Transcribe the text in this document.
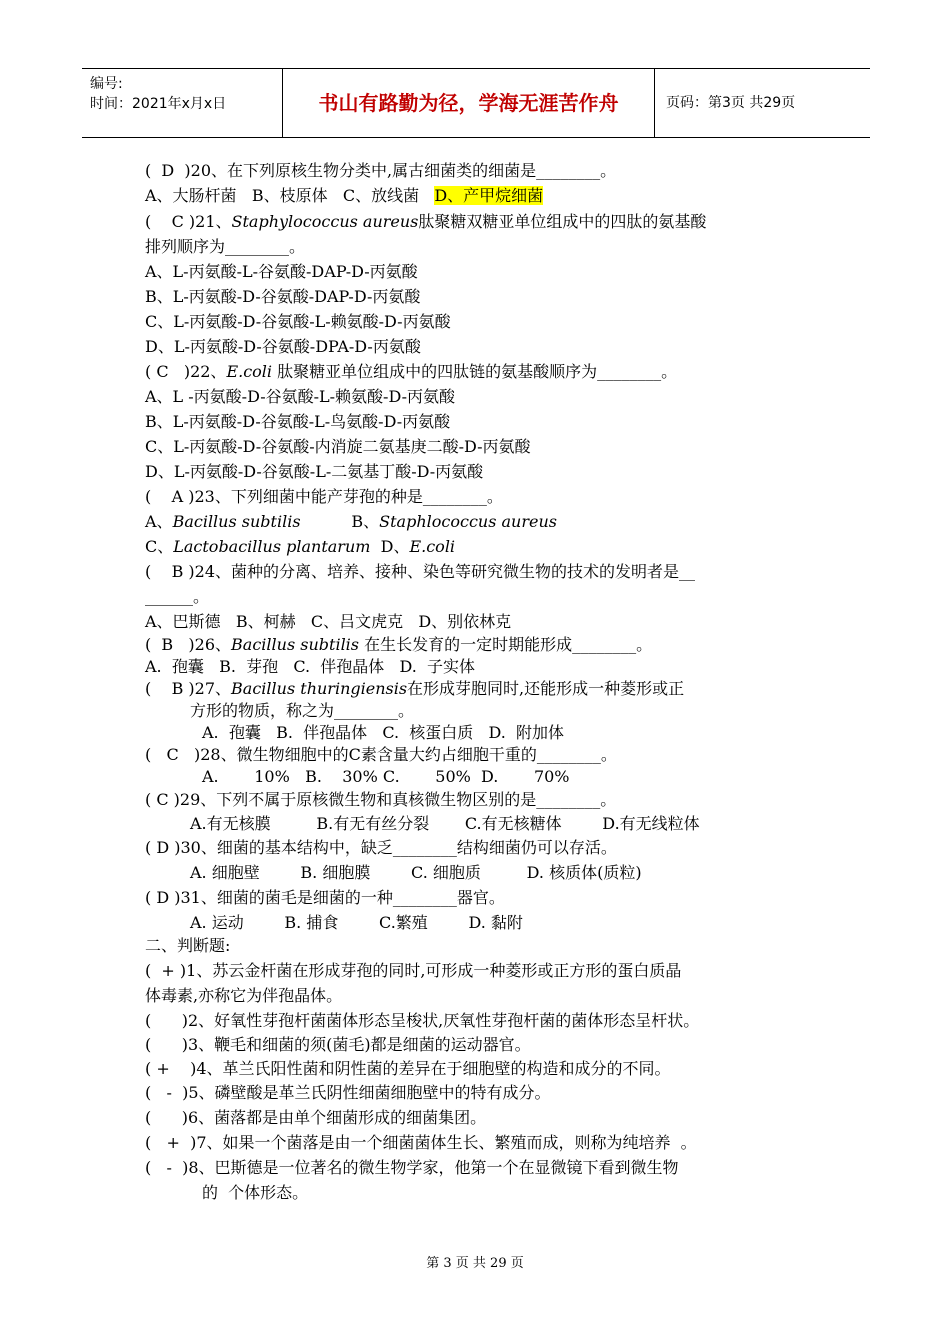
编号:
时间：2021年x月x日	书山有路勤为径，学海无涯苦作舟	页码：第3页 共29页
(  D  )20、在下列原核生物分类中,属古细菌类的细菌是________。
A、大肠杆菌   B、枝原体   C、放线菌   D、产甲烷细菌
(    C )21、Staphylococcus aureus肽聚糖双糖亚单位组成中的四肽的氨基酸
排列顺序为________。
A、L-丙氨酸-L-谷氨酸-DAP-D-丙氨酸
B、L-丙氨酸-D-谷氨酸-DAP-D-丙氨酸
C、L-丙氨酸-D-谷氨酸-L-赖氨酸-D-丙氨酸
D、L-丙氨酸-D-谷氨酸-DPA-D-丙氨酸
( C   )22、E.coli 肽聚糖亚单位组成中的四肽链的氨基酸顺序为________。
A、L -丙氨酸-D-谷氨酸-L-赖氨酸-D-丙氨酸
B、L-丙氨酸-D-谷氨酸-L-鸟氨酸-D-丙氨酸
C、L-丙氨酸-D-谷氨酸-内消旋二氨基庚二酸-D-丙氨酸
D、L-丙氨酸-D-谷氨酸-L-二氨基丁酸-D-丙氨酸
(    A )23、下列细菌中能产芽孢的种是________。
A、Bacillus subtilis          B、Staphlococcus aureus
C、Lactobacillus plantarum  D、E.coli
(    B )24、菌种的分离、培养、接种、染色等研究微生物的技术的发明者是__
______。
A、巴斯德   B、柯赫   C、吕文虎克   D、别依林克
(  B   )26、Bacillus subtilis 在生长发育的一定时期能形成________。
A.  孢囊   B.  芽孢   C.  伴孢晶体   D.  子实体
(    B )27、Bacillus thuringiensis在形成芽胞同时,还能形成一种菱形或正
方形的物质，称之为________。
A.  孢囊   B.  伴孢晶体   C.  核蛋白质   D.  附加体
(   C   )28、微生物细胞中的C素含量大约占细胞干重的________。
A.       10%   B.    30% C.       50%  D.       70%
( C )29、下列不属于原核微生物和真核微生物区别的是________。
A.有无核膜         B.有无有丝分裂       C.有无核糖体        D.有无线粒体
( D )30、细菌的基本结构中，缺乏________结构细菌仍可以存活。
A. 细胞壁        B. 细胞膜        C. 细胞质         D. 核质体(质粒)
( D )31、细菌的菌毛是细菌的一种________器官。
A. 运动        B. 捕食        C.繁殖        D. 黏附
二、判断题:
(  + )1、苏云金杆菌在形成芽孢的同时,可形成一种菱形或正方形的蛋白质晶
体毒素,亦称它为伴孢晶体。
(      )2、好氧性芽孢杆菌菌体形态呈梭状,厌氧性芽孢杆菌的菌体形态呈杆状。
(      )3、鞭毛和细菌的须(菌毛)都是细菌的运动器官。
( +    )4、革兰氏阳性菌和阴性菌的差异在于细胞壁的构造和成分的不同。
(   -  )5、磷壁酸是革兰氏阴性细菌细胞壁中的特有成分。
(      )6、菌落都是由单个细菌形成的细菌集团。
(   +  )7、如果一个菌落是由一个细菌菌体生长、繁殖而成，则称为纯培养  。
(   -  )8、巴斯德是一位著名的微生物学家，他第一个在显微镜下看到微生物
的  个体形态。
第 3 页 共 29 页
